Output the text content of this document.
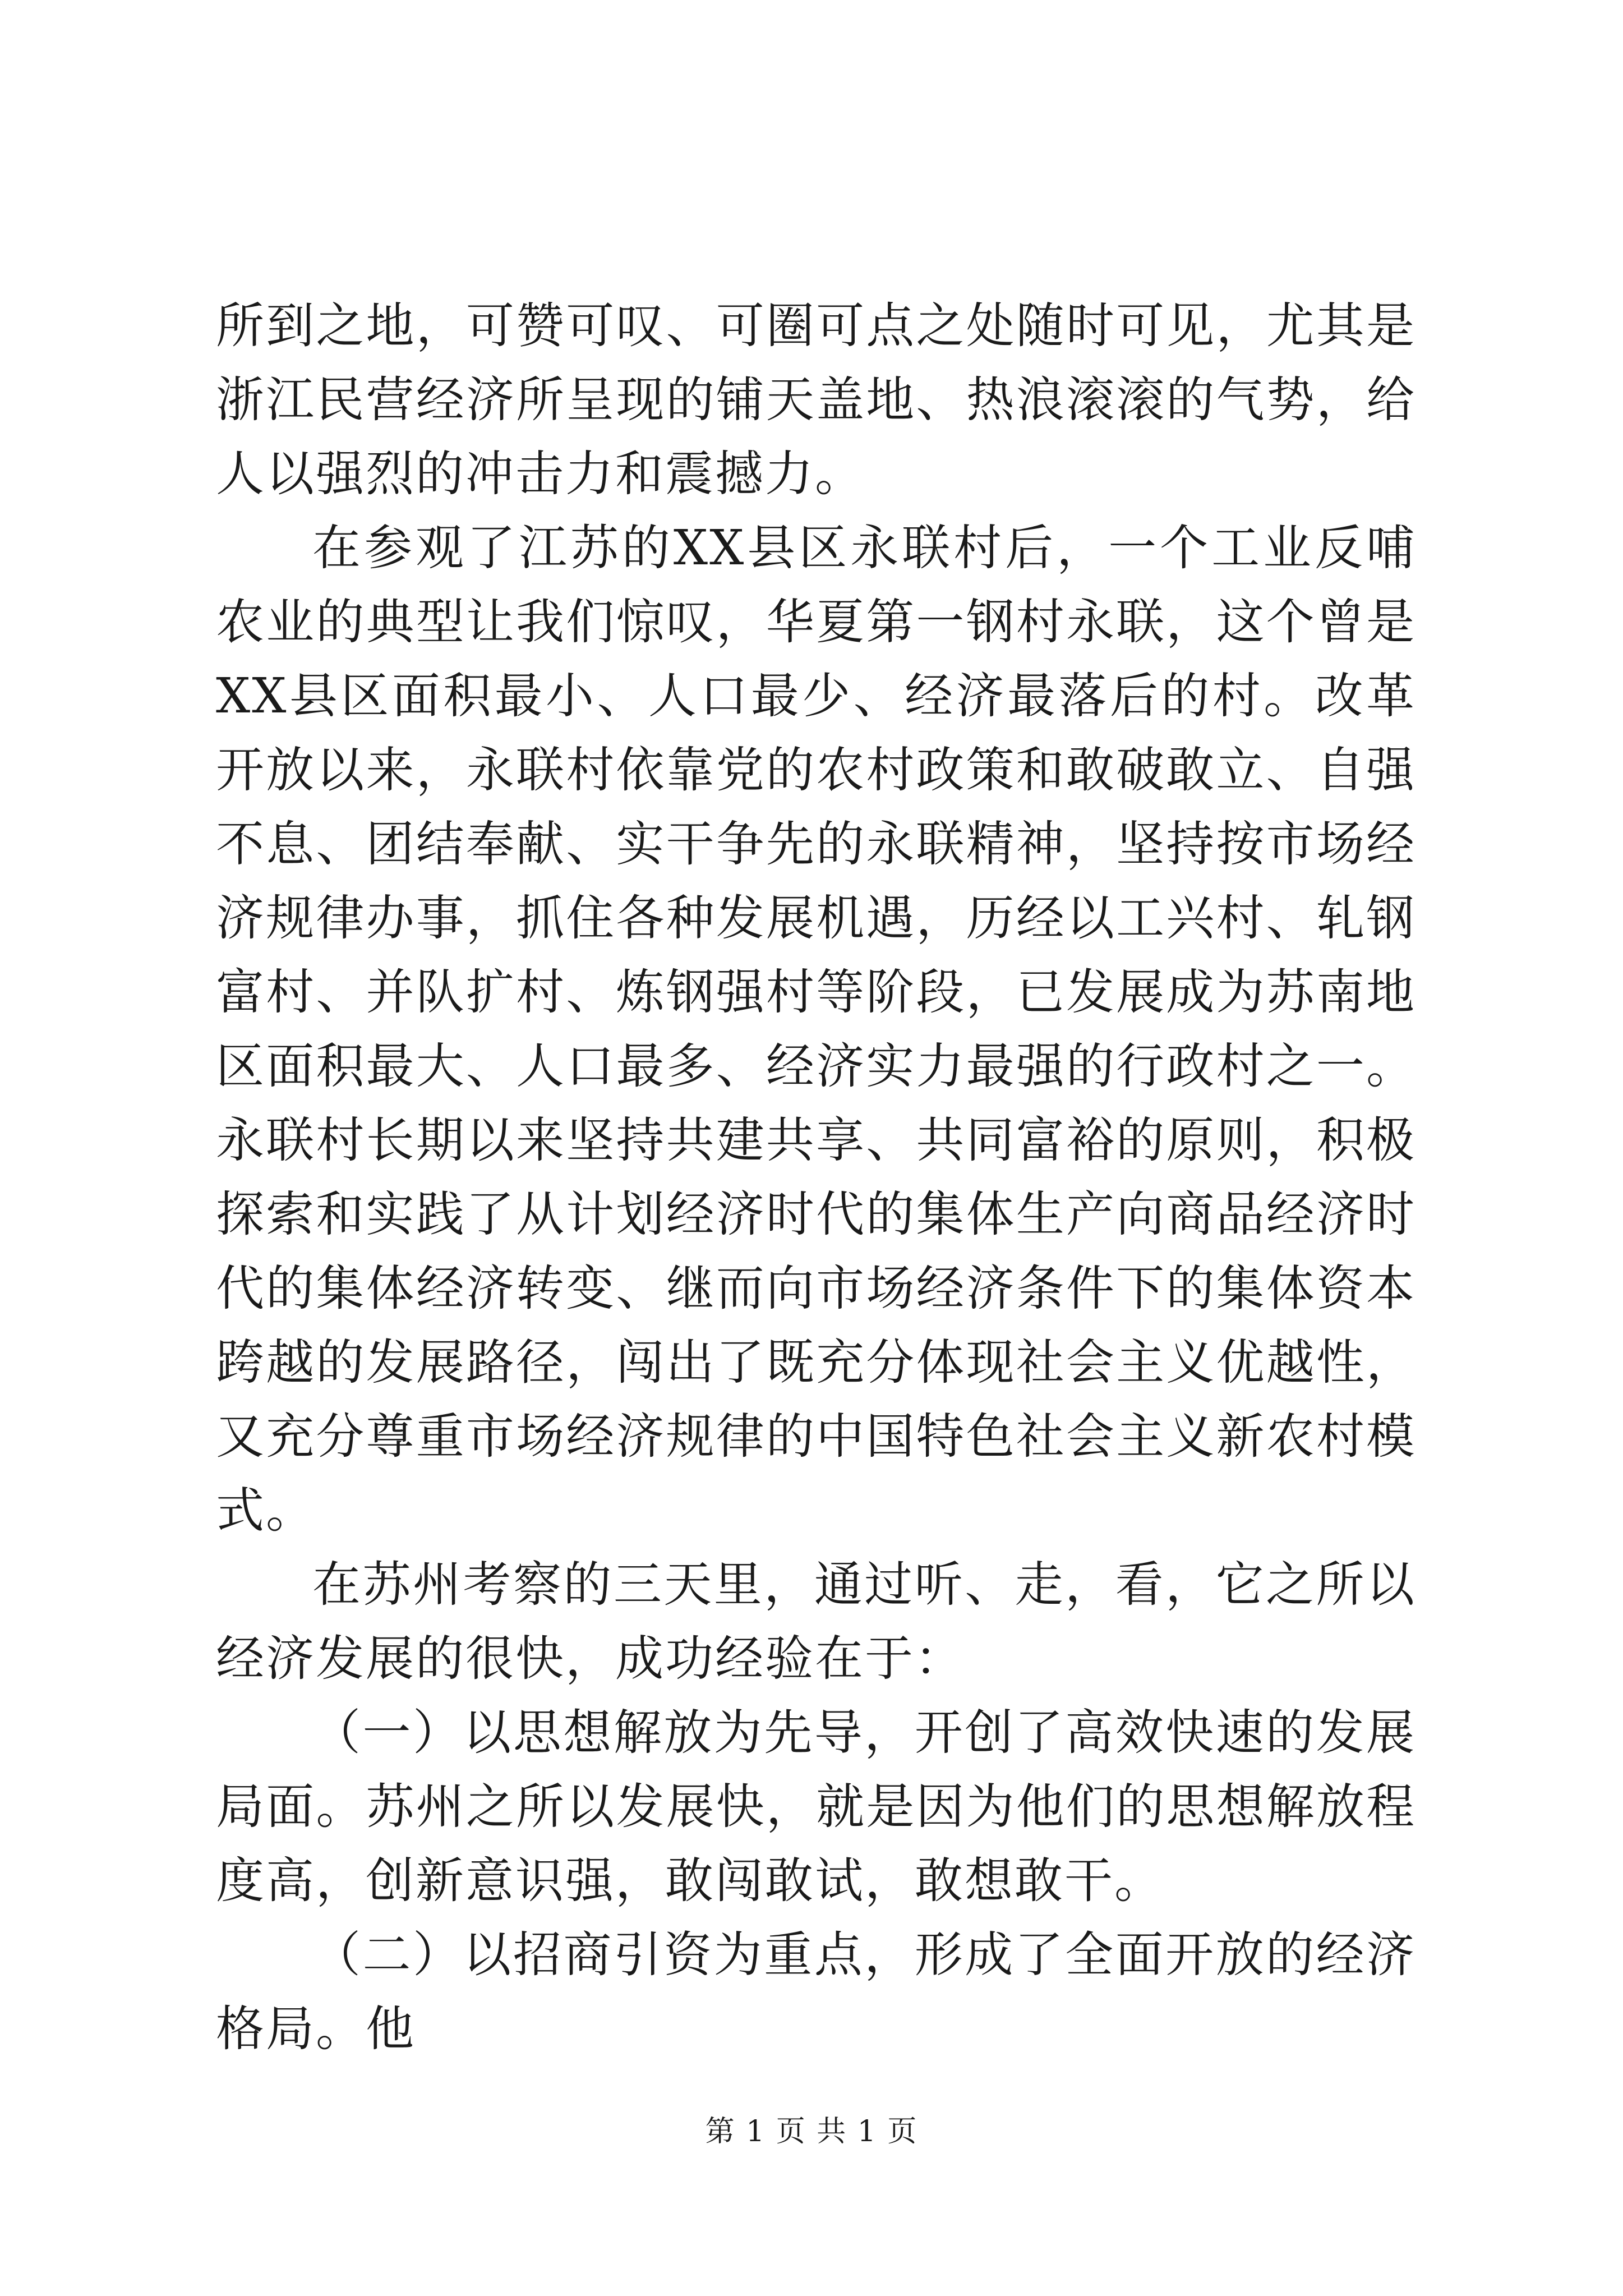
所到之地，可赞可叹、可圈可点之处随时可见，尤其是浙江民营经济所呈现的铺天盖地、热浪滚滚的气势，给人以强烈的冲击力和震撼力。

在参观了江苏的XX县区永联村后，一个工业反哺农业的典型让我们惊叹，华夏第一钢村永联，这个曾是XX县区面积最小、人口最少、经济最落后的村。改革开放以来，永联村依靠党的农村政策和敢破敢立、自强不息、团结奉献、实干争先的永联精神，坚持按市场经济规律办事，抓住各种发展机遇，历经以工兴村、轧钢富村、并队扩村、炼钢强村等阶段，已发展成为苏南地区面积最大、人口最多、经济实力最强的行政村之一。永联村长期以来坚持共建共享、共同富裕的原则，积极探索和实践了从计划经济时代的集体生产向商品经济时代的集体经济转变、继而向市场经济条件下的集体资本跨越的发展路径，闯出了既充分体现社会主义优越性，又充分尊重市场经济规律的中国特色社会主义新农村模式。

在苏州考察的三天里，通过听、走，看，它之所以经济发展的很快，成功经验在于：

（一）以思想解放为先导，开创了高效快速的发展局面。苏州之所以发展快，就是因为他们的思想解放程度高，创新意识强，敢闯敢试，敢想敢干。

（二）以招商引资为重点，形成了全面开放的经济格局。他

第 1 页 共 1 页
